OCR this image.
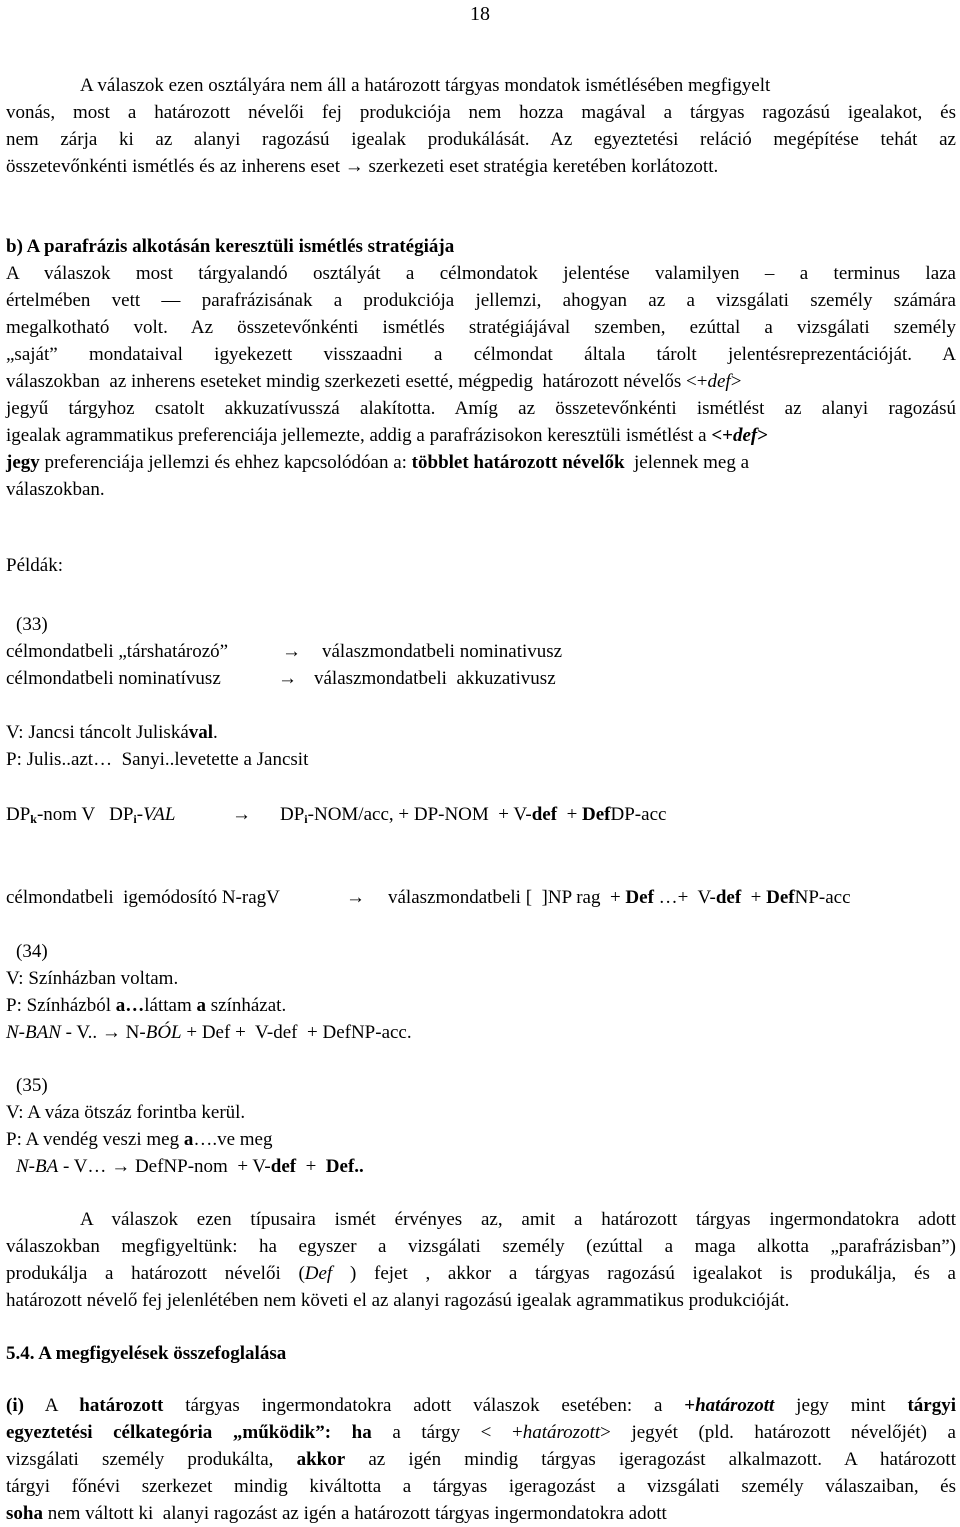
18
A válaszok ezen osztályára nem áll a határozott tárgyas mondatok ismétlésében megfigyelt
vonás, most a határozott névelői fej produkciója nem hozza magával a tárgyas ragozású igealakot, és
nem zárja ki az alanyi ragozású igealak produkálását. Az egyeztetési reláció megépítése tehát az
összetevőnkénti ismétlés és az inherens eset → szerkezeti eset stratégia keretében korlátozott.
b) A parafrázis alkotásán keresztüli ismétlés stratégiája
A válaszok most tárgyalandó osztályát a célmondatok jelentése valamilyen – a terminus laza
értelmében vett ― parafrázisának a produkciója jellemzi, ahogyan az a vizsgálati személy számára
megalkotható volt. Az összetevőnkénti ismétlés stratégiájával szemben, ezúttal a vizsgálati személy
„saját” mondataival igyekezett visszaadni a célmondat általa tárolt jelentésreprezentációját. A
válaszokban  az inherens eseteket mindig szerkezeti esetté, mégpedig  határozott névelős <+def>
jegyű tárgyhoz csatolt akkuzatívusszá alakította. Amíg az összetevőnkénti ismétlést az alanyi ragozású
igealak agrammatikus preferenciája jellemezte, addig a parafrázisokon keresztüli ismétlést a <+def>
jegy preferenciája jellemzi és ehhez kapcsolódóan a: többlet határozott névelők  jelennek meg a
válaszokban.
Példák:
(33)
célmondatbeli „társhatározó”	→ válaszmondatbeli nominativusz
célmondatbeli nominatívusz	→ válaszmondatbeli  akkuzativusz
V: Jancsi táncolt Juliskával.
P: Julis..azt…  Sanyi..levetette a Jancsit
$DP_k$-nom V   $DP_i$-VAL	→ $DP_i-NOM$/acc, + DP-NOM  + V-def  + DefDP-acc
célmondatbeli  igemódosító N-ragV	→ válaszmondatbeli [  ]NP rag  + Def …+  V-def  + DefNP-acc
(34)
V: Színházban voltam.
P: Színházból a…láttam a színházat.
N-BAN - V.. → N-BÓL + Def +  V-def  + DefNP-acc.
(35)
V: A váza ötszáz forintba kerül.
P: A vendég veszi meg a….ve meg
N-BA - V… → DefNP-nom  + V-def  +  Def..
A válaszok ezen típusaira ismét érvényes az, amit a határozott tárgyas ingermondatokra adott
válaszokban megfigyeltünk: ha egyszer a vizsgálati személy (ezúttal a maga alkotta „parafrázisban”)
produkálja a határozott névelői (Def ) fejet , akkor a tárgyas ragozású igealakot is produkálja, és a
határozott névelő fej jelenlétében nem követi el az alanyi ragozású igealak agrammatikus produkcióját.
5.4. A megfigyelések összefoglalása
(i) A határozott tárgyas ingermondatokra adott válaszok esetében: a +határozott jegy mint tárgyi
egyeztetési célkategória „működik”: ha a tárgy < +határozott> jegyét (pld. határozott névelőjét) a
vizsgálati személy produkálta, akkor az igén mindig tárgyas igeragozást alkalmazott. A határozott
tárgyi főnévi szerkezet mindig kiváltotta a tárgyas igeragozást a vizsgálati személy válaszaiban, és
soha nem váltott ki  alanyi ragozást az igén a határozott tárgyas ingermondatokra adott
